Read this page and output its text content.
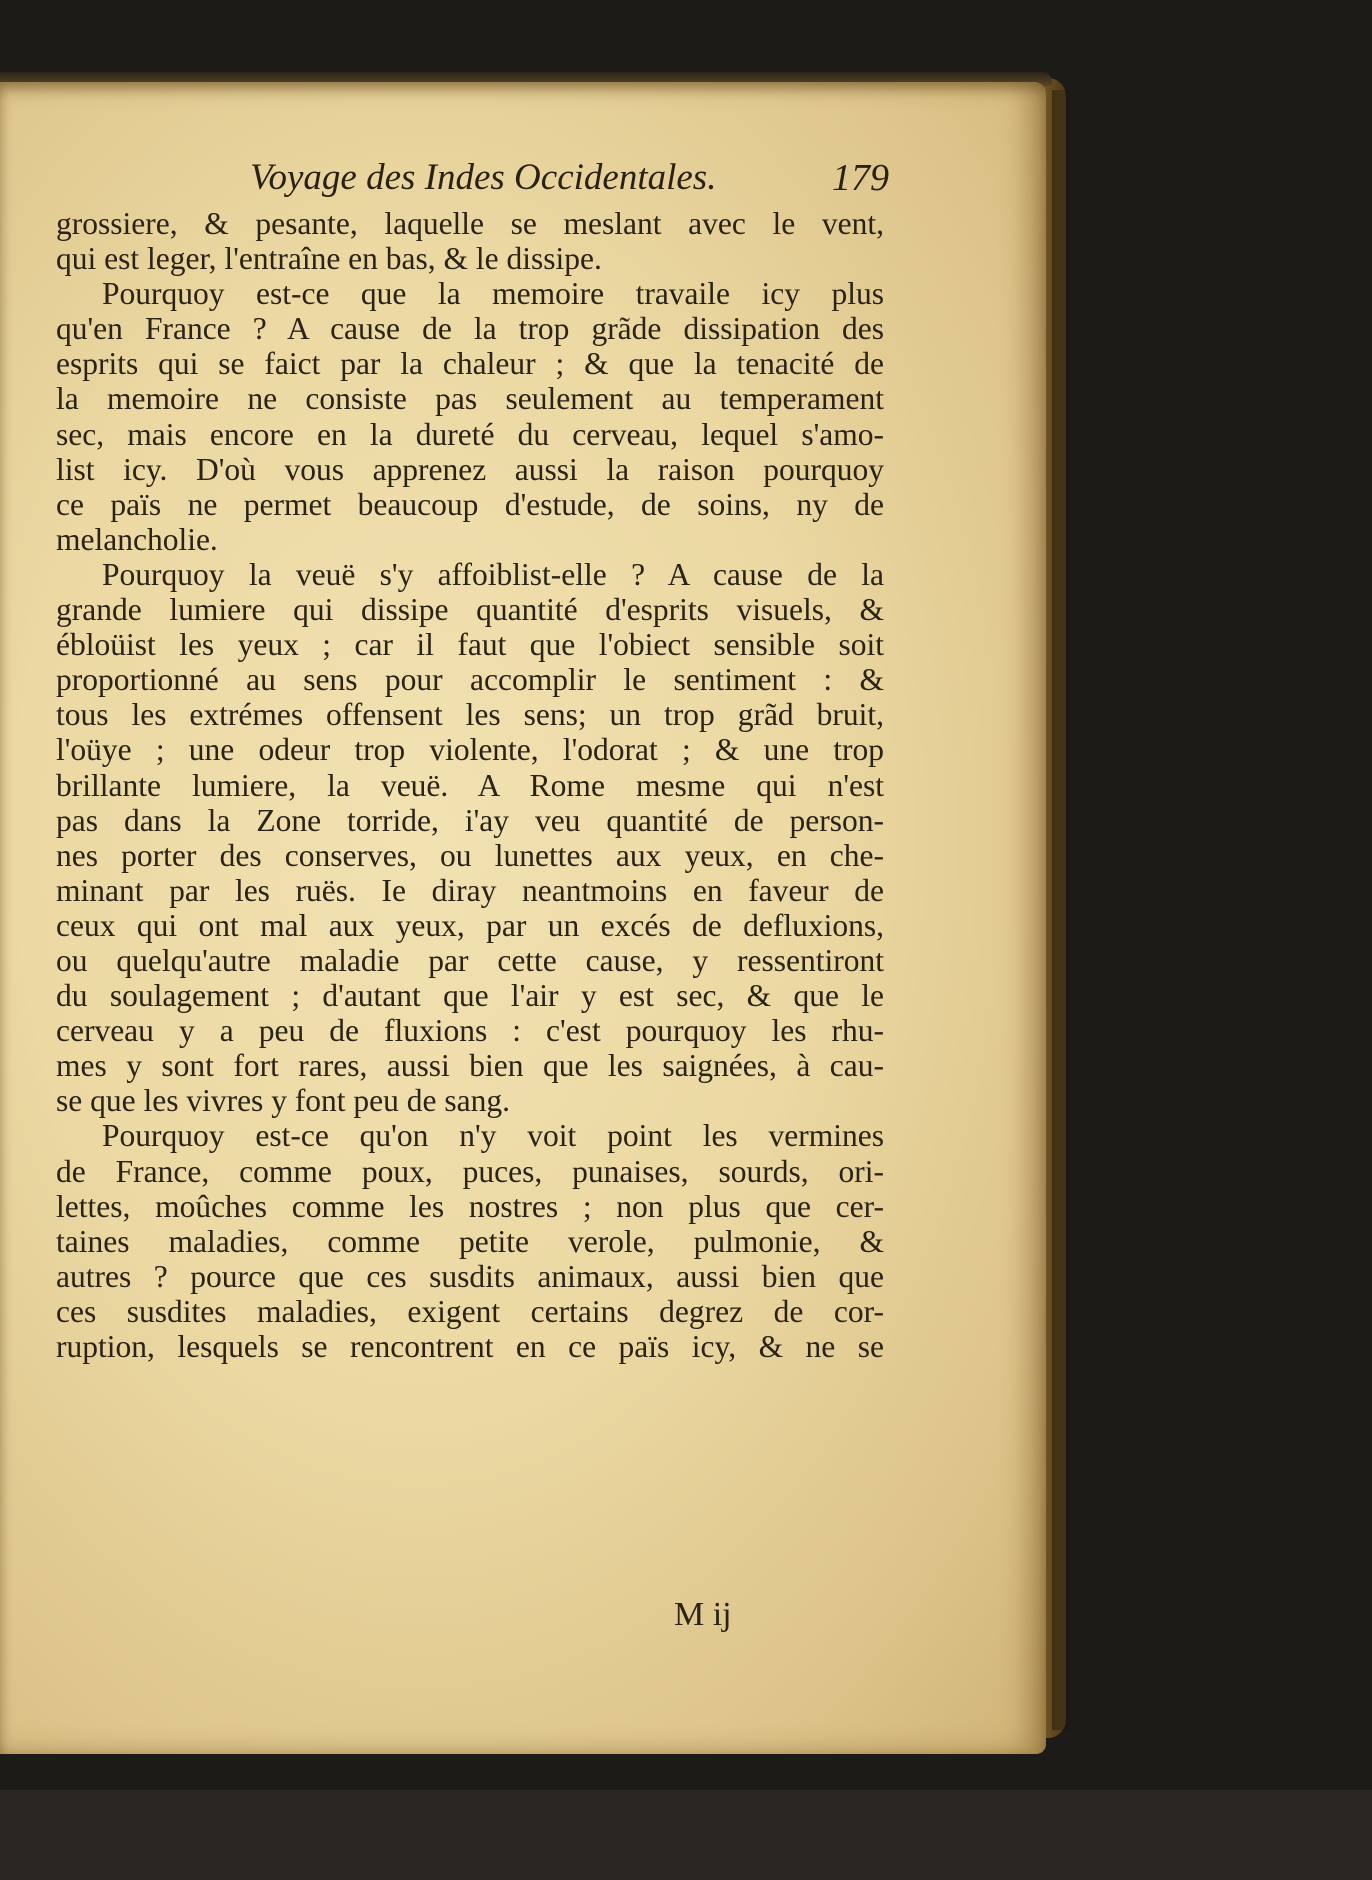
Voyage des Indes Occidentales.	179
grossiere, & pesante, laquelle se meslant avec le vent,
qui est leger, l'entraîne en bas, & le dissipe.
Pourquoy est-ce que la memoire travaile icy plus
qu'en France ? A cause de la trop grãde dissipation des
esprits qui se faict par la chaleur ; & que la tenacité de
la memoire ne consiste pas seulement au temperament
sec, mais encore en la dureté du cerveau, lequel s'amo-
list icy. D'où vous apprenez aussi la raison pourquoy
ce païs ne permet beaucoup d'estude, de soins, ny de
melancholie.
Pourquoy la veuë s'y affoiblist-elle ? A cause de la
grande lumiere qui dissipe quantité d'esprits visuels, &
ébloüist les yeux ; car il faut que l'obiect sensible soit
proportionné au sens pour accomplir le sentiment : &
tous les extrémes offensent les sens; un trop grãd bruit,
l'oüye ; une odeur trop violente, l'odorat ; & une trop
brillante lumiere, la veuë. A Rome mesme qui n'est
pas dans la Zone torride, i'ay veu quantité de person-
nes porter des conserves, ou lunettes aux yeux, en che-
minant par les ruës. Ie diray neantmoins en faveur de
ceux qui ont mal aux yeux, par un excés de defluxions,
ou quelqu'autre maladie par cette cause, y ressentiront
du soulagement ; d'autant que l'air y est sec, & que le
cerveau y a peu de fluxions : c'est pourquoy les rhu-
mes y sont fort rares, aussi bien que les saignées, à cau-
se que les vivres y font peu de sang.
Pourquoy est-ce qu'on n'y voit point les vermines
de France, comme poux, puces, punaises, sourds, ori-
lettes, moûches comme les nostres ; non plus que cer-
taines maladies, comme petite verole, pulmonie, &
autres ? pource que ces susdits animaux, aussi bien que
ces susdites maladies, exigent certains degrez de cor-
ruption, lesquels se rencontrent en ce païs icy, & ne se
M ij
